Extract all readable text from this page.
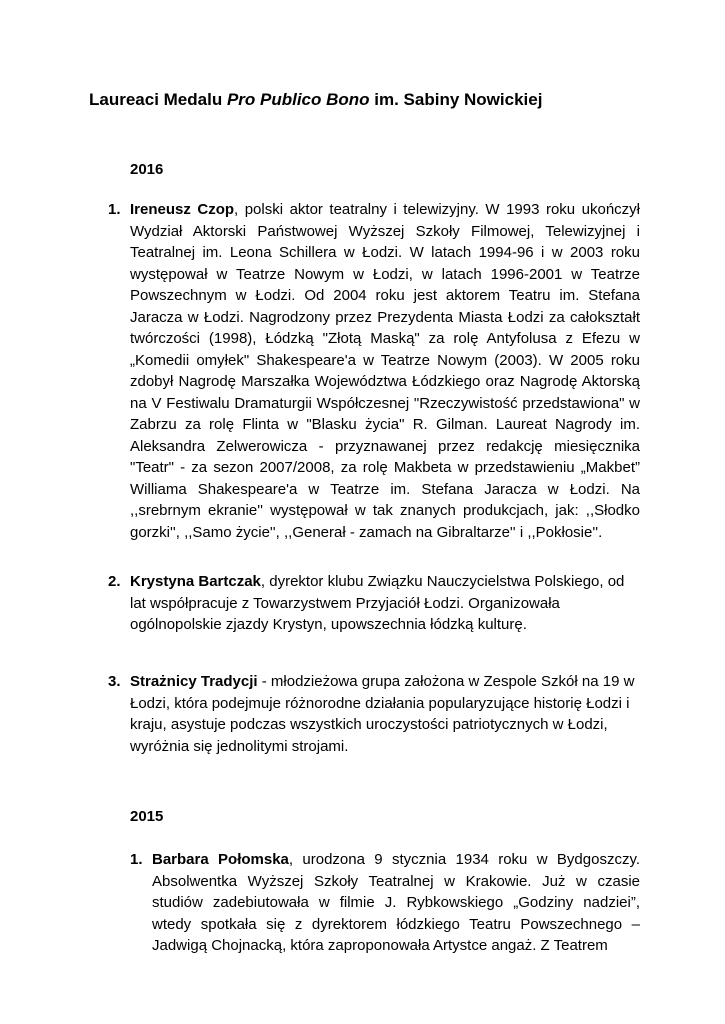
Laureaci Medalu Pro Publico Bono im. Sabiny Nowickiej
2016
1. Ireneusz Czop, polski aktor teatralny i telewizyjny. W 1993 roku ukończył Wydział Aktorski Państwowej Wyższej Szkoły Filmowej, Telewizyjnej i Teatralnej im. Leona Schillera w Łodzi. W latach 1994-96 i w 2003 roku występował w Teatrze Nowym w Łodzi, w latach 1996-2001 w Teatrze Powszechnym w Łodzi. Od 2004 roku jest aktorem Teatru im. Stefana Jaracza w Łodzi. Nagrodzony przez Prezydenta Miasta Łodzi za całokształt twórczości (1998), Łódzką "Złotą Maską" za rolę Antyfolusa z Efezu w „Komedii omyłek" Shakespeare'a w Teatrze Nowym (2003). W 2005 roku zdobył Nagrodę Marszałka Województwa Łódzkiego oraz Nagrodę Aktorską na V Festiwalu Dramaturgii Współczesnej "Rzeczywistość przedstawiona" w Zabrzu za rolę Flinta w "Blasku życia" R. Gilman. Laureat Nagrody im. Aleksandra Zelwerowicza - przyznawanej przez redakcję miesięcznika "Teatr" - za sezon 2007/2008, za rolę Makbeta w przedstawieniu „Makbet” Williama Shakespeare'a w Teatrze im. Stefana Jaracza w Łodzi. Na ,,srebrnym ekranie'' występował w tak znanych produkcjach, jak: ,,Słodko gorzki'', ,,Samo życie'', ,,Generał - zamach na Gibraltarze'' i ,,Pokłosie''.
2. Krystyna Bartczak, dyrektor klubu Związku Nauczycielstwa Polskiego, od lat współpracuje z Towarzystwem Przyjaciół Łodzi. Organizowała ogólnopolskie zjazdy Krystyn, upowszechnia łódzką kulturę.
3. Strażnicy Tradycji - młodzieżowa grupa założona w Zespole Szkół na 19 w Łodzi, która podejmuje różnorodne działania popularyzujące historię Łodzi i kraju, asystuje podczas wszystkich uroczystości patriotycznych w Łodzi, wyróżnia się jednolitymi strojami.
2015
1. Barbara Połomska, urodzona 9 stycznia 1934 roku w Bydgoszczy. Absolwentka Wyższej Szkoły Teatralnej w Krakowie. Już w czasie studiów zadebiutowała w filmie J. Rybkowskiego „Godziny nadziei”, wtedy spotkała się z dyrektorem łódzkiego Teatru Powszechnego – Jadwigą Chojnacką, która zaproponowała Artystce angaż. Z Teatrem
